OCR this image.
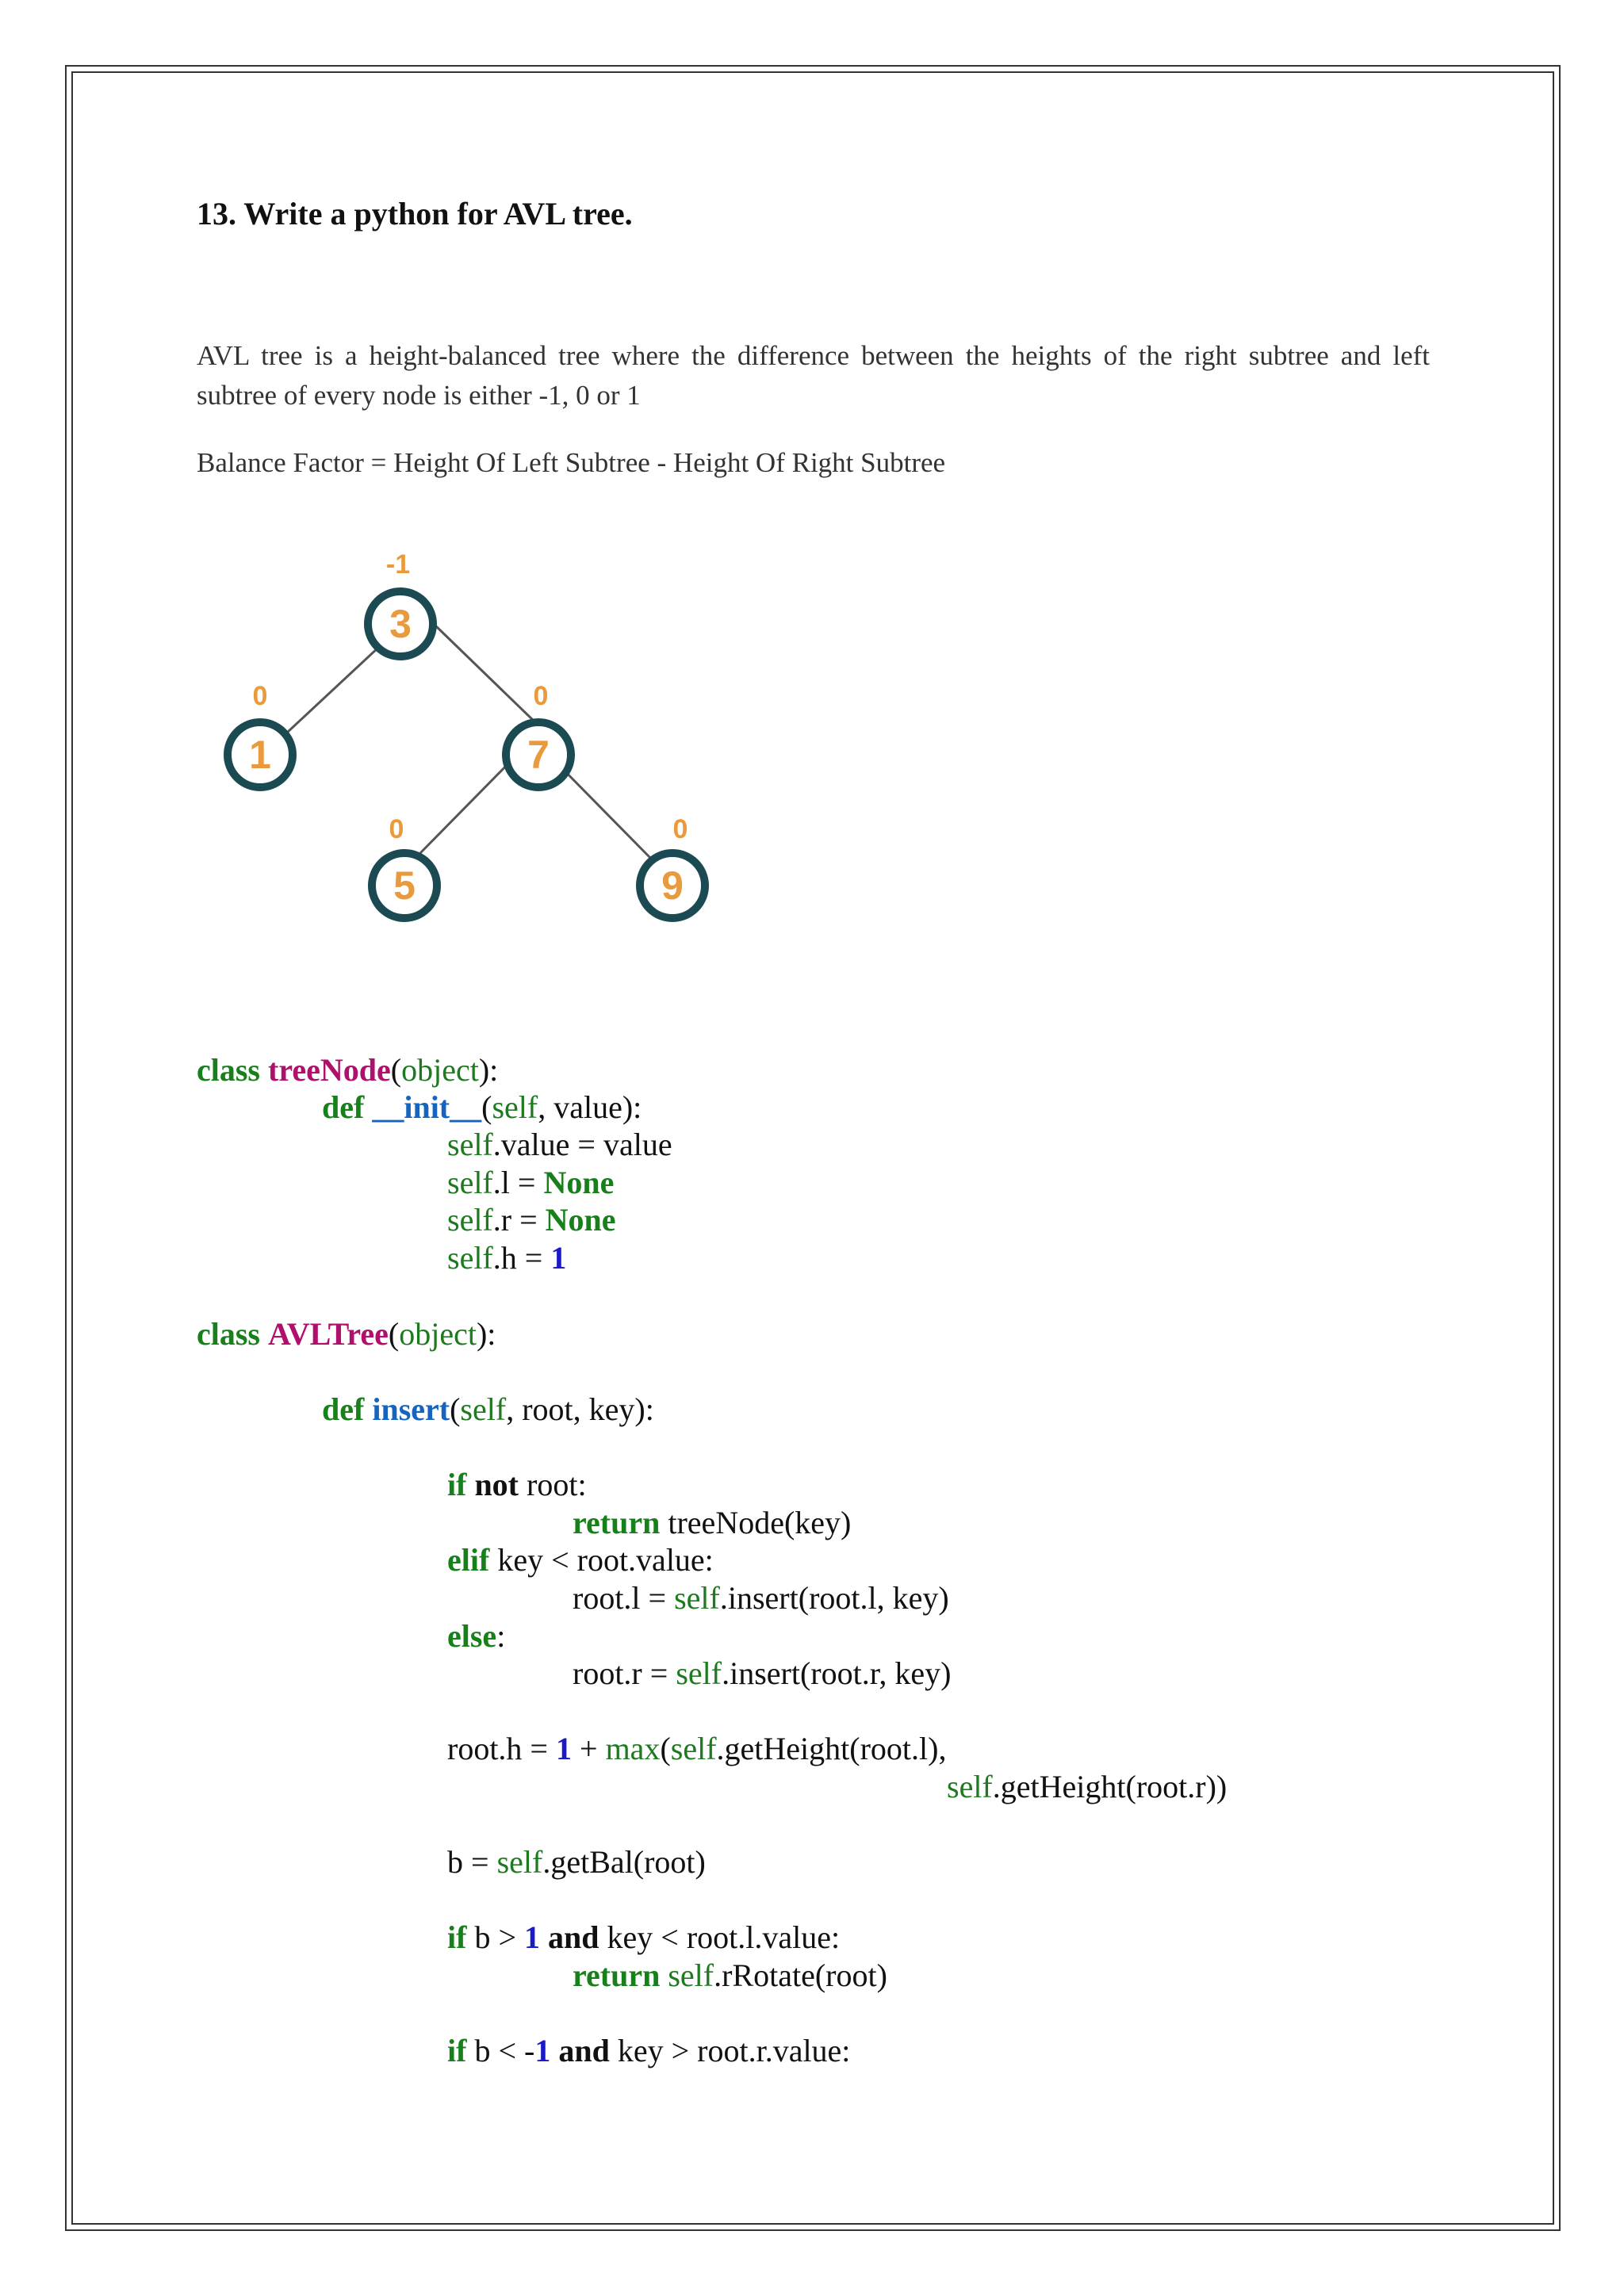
13. Write a python for AVL tree.

AVL tree is a height-balanced tree where the difference between the heights of the right subtree and left subtree of every node is either -1, 0 or 1

Balance Factor = Height Of Left Subtree - Height Of Right Subtree

3
-1
1
0
7
0
5
0
9
0
class treeNode(object):
def __init__(self, value):
self.value = value
self.l = None
self.r = None
self.h = 1
class AVLTree(object):
def insert(self, root, key):
if not root:
return treeNode(key)
elif key < root.value:
root.l = self.insert(root.l, key)
else:
root.r = self.insert(root.r, key)
root.h = 1 + max(self.getHeight(root.l),
self.getHeight(root.r))
b = self.getBal(root)
if b > 1 and key < root.l.value:
return self.rRotate(root)
if b < -1 and key > root.r.value:
